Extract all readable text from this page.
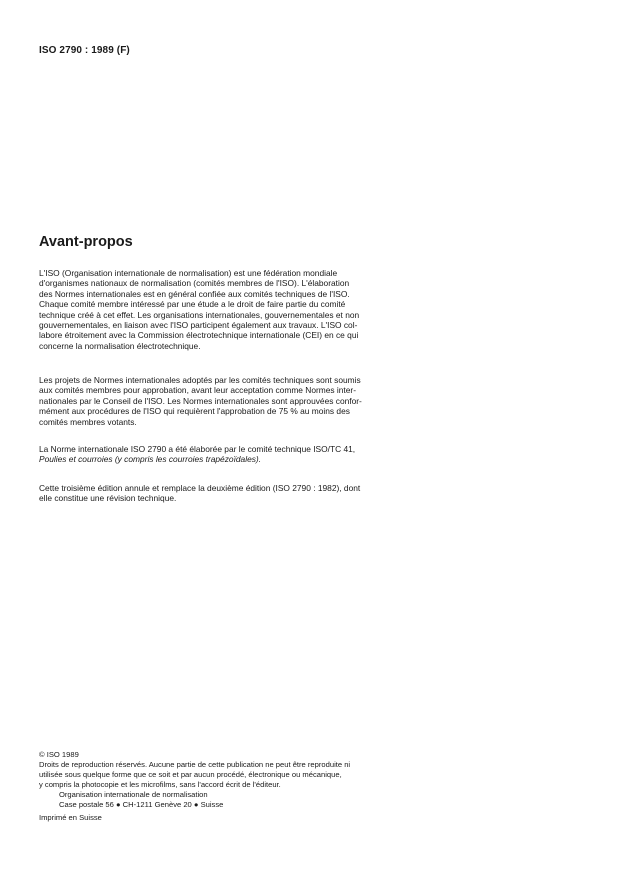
ISO 2790 : 1989 (F)
Avant-propos
L'ISO (Organisation internationale de normalisation) est une fédération mondiale
d'organismes nationaux de normalisation (comités membres de l'ISO). L'élaboration
des Normes internationales est en général confiée aux comités techniques de l'ISO.
Chaque comité membre intéressé par une étude a le droit de faire partie du comité
technique créé à cet effet. Les organisations internationales, gouvernementales et non
gouvernementales, en liaison avec l'ISO participent également aux travaux. L'ISO col-
labore étroitement avec la Commission électrotechnique internationale (CEI) en ce qui
concerne la normalisation électrotechnique.
Les projets de Normes internationales adoptés par les comités techniques sont soumis
aux comités membres pour approbation, avant leur acceptation comme Normes inter-
nationales par le Conseil de l'ISO. Les Normes internationales sont approuvées confor-
mément aux procédures de l'ISO qui requièrent l'approbation de 75 % au moins des
comités membres votants.
La Norme internationale ISO 2790 a été élaborée par le comité technique ISO/TC 41,
Poulies et courroies (y compris les courroies trapézoïdales).
Cette troisième édition annule et remplace la deuxième édition (ISO 2790 : 1982), dont
elle constitue une révision technique.
© ISO 1989
Droits de reproduction réservés. Aucune partie de cette publication ne peut être reproduite ni
utilisée sous quelque forme que ce soit et par aucun procédé, électronique ou mécanique,
y compris la photocopie et les microfilms, sans l'accord écrit de l'éditeur.
Organisation internationale de normalisation
Case postale 56 ● CH-1211 Genève 20 ● Suisse
Imprimé en Suisse
